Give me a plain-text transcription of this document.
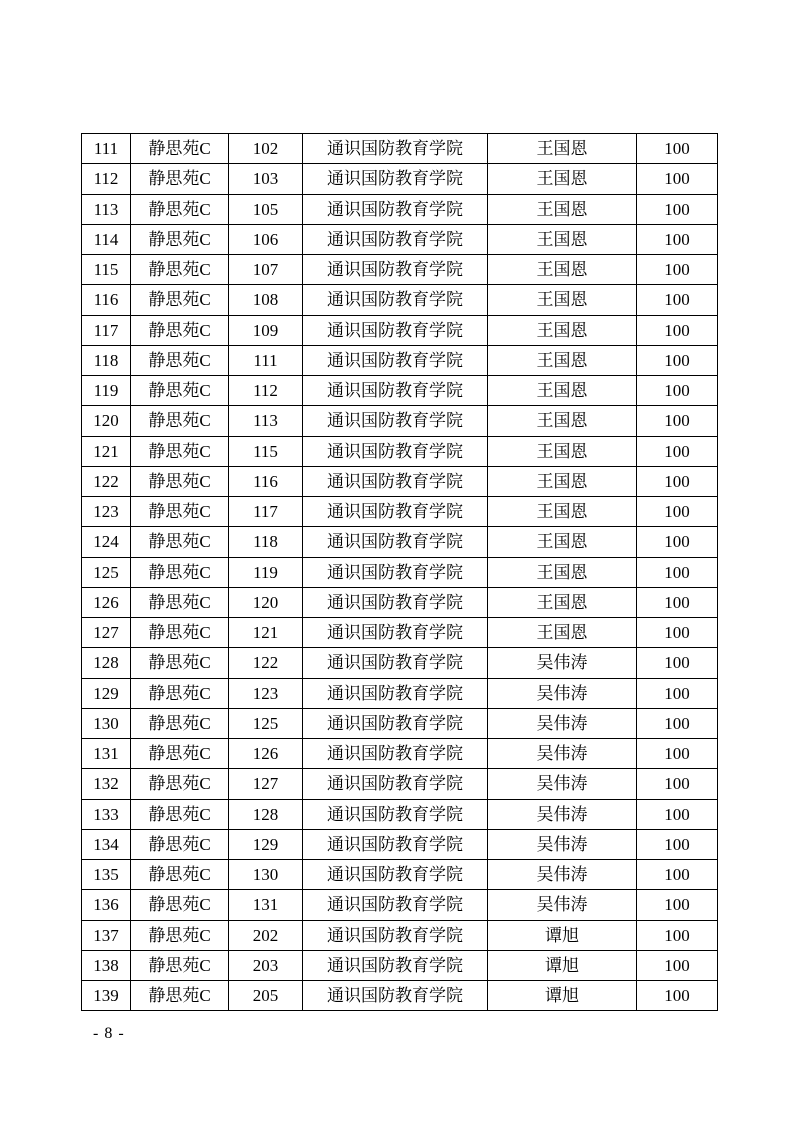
111	静思苑C	102	通识国防教育学院	王国恩	100
112	静思苑C	103	通识国防教育学院	王国恩	100
113	静思苑C	105	通识国防教育学院	王国恩	100
114	静思苑C	106	通识国防教育学院	王国恩	100
115	静思苑C	107	通识国防教育学院	王国恩	100
116	静思苑C	108	通识国防教育学院	王国恩	100
117	静思苑C	109	通识国防教育学院	王国恩	100
118	静思苑C	111	通识国防教育学院	王国恩	100
119	静思苑C	112	通识国防教育学院	王国恩	100
120	静思苑C	113	通识国防教育学院	王国恩	100
121	静思苑C	115	通识国防教育学院	王国恩	100
122	静思苑C	116	通识国防教育学院	王国恩	100
123	静思苑C	117	通识国防教育学院	王国恩	100
124	静思苑C	118	通识国防教育学院	王国恩	100
125	静思苑C	119	通识国防教育学院	王国恩	100
126	静思苑C	120	通识国防教育学院	王国恩	100
127	静思苑C	121	通识国防教育学院	王国恩	100
128	静思苑C	122	通识国防教育学院	吴伟涛	100
129	静思苑C	123	通识国防教育学院	吴伟涛	100
130	静思苑C	125	通识国防教育学院	吴伟涛	100
131	静思苑C	126	通识国防教育学院	吴伟涛	100
132	静思苑C	127	通识国防教育学院	吴伟涛	100
133	静思苑C	128	通识国防教育学院	吴伟涛	100
134	静思苑C	129	通识国防教育学院	吴伟涛	100
135	静思苑C	130	通识国防教育学院	吴伟涛	100
136	静思苑C	131	通识国防教育学院	吴伟涛	100
137	静思苑C	202	通识国防教育学院	谭旭	100
138	静思苑C	203	通识国防教育学院	谭旭	100
139	静思苑C	205	通识国防教育学院	谭旭	100
- 8 -
